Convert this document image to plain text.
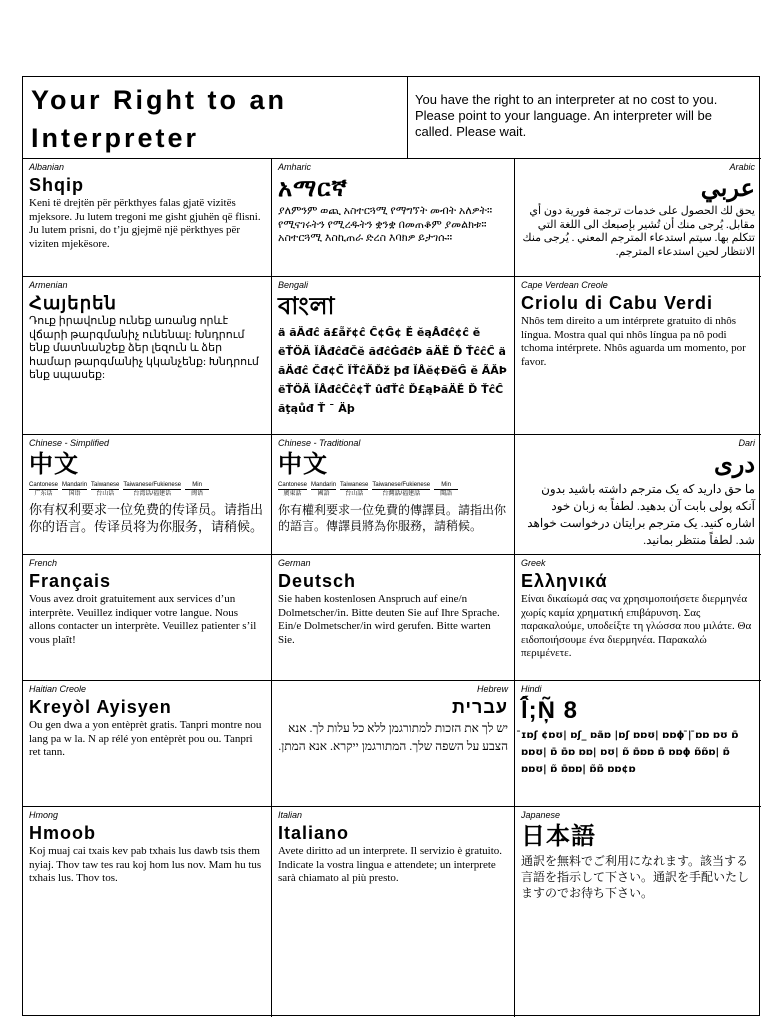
Your Right to an Interpreter
You have the right to an interpreter at no cost to you. Please point to your language. An interpreter will be called. Please wait.
Albanian
Shqip
Keni të drejtën për përkthyes falas gjatë vizitës mjeksore. Ju lutem tregoni me gisht gjuhën që flisni. Ju lutem prisni, do t’ju gjejmë një përkthyes për viziten mjekësore.
Amharic
አማርኛ
ያለምንም ወጪ አስተርጓሚ የማግኘት መብት አለዎት። የሚናገሩትን የሚረዱትን ቋንቋ በመጠቆም ያመልክቱ። አስተርጓሚ እስኪጠራ ድረስ እባክዎ ይታገሱ።
Arabic
عربي
يحق لك الحصول على خدمات ترجمة فورية دون أي مقابل. يُرجى منك أن تُشير بإصبعك الى اللغة التي تتكلم بها. سيتم استدعاء المترجم المعني . يُرجى منك الانتظار لحين استدعاء المترجم.
Armenian
Հայերեն
Դուք իրավունք ունեք առանց որևէ վճարի թարգմանիչ ունենալ: Խնդրում ենք մատնանշեք ձեր լեզուն և ձեր համար թարգմանիչ կկանչենք: Խնդրում ենք սպասեք:
Bengali
বাংলা
ä ăÄđĉ ă£ẵř¢ĉ Ĉ¢Ĝ¢ Ĕ ĕąÅđĉ¢ĉ ĕ ëŤÖÄ ĬÅđĉđČĕ ăđĉĠđĉÞ ăÄĔ Ď ŤĉĉĈ ä ăÄđĉ Čđ¢Č ĬŤĉĂĎž þđ ĬÅĕ¢ĐĕĜ ĕ ÃĂÞ ëŤÖÄ ĬÅđĉĈĉ¢Ť ûđŤĉ Ď£ąÞăÄĔ Ď ŤĉĈ ăţąůđ Ť ˉ Äþ
Cape Verdean Creole
Criolu di Cabu Verdi
Nhôs tem direito a um intérprete gratuito di nhôs língua. Mostra qual qui nhôs língua pa nô podi tchoma intérprete. Nhôs aguarda um momento, por favor.
Chinese - Simplified
中文
Cantonese
广东话
Mandarin
国语
Taiwanese
台山话
Taiwanese/Fukienese
台湾话/福建话
Min
闽语
你有权利要求一位免费的传译员。请指出你的语言。传译员将为你服务，请稍候。
Chinese - Traditional
中文
Cantonese
廣東話
Mandarin
國語
Taiwanese
台山話
Taiwanese/Fukienese
台灣話/福建話
Min
閩語
你有權利要求一位免費的傳譯員。請指出你的語言。傳譯員將為你服務，請稍候。
Dari
دری
ما حق دارید که یک مترجم داشته باشید بدون آنکه پولی بابت آن بدهید. لطفاً به زبان خود اشاره کنید. یک مترجم برایتان درخواست خواهد شد. لطفاً منتظر بمانید.
French
Français
Vous avez droit gratuitement aux services d’un interprète. Veuillez indiquer votre langue. Nous allons contacter un interprète. Veuillez patienter s’il vous plaît!
German
Deutsch
Sie haben kostenlosen Anspruch auf eine/n Dolmetscher/in. Bitte deuten Sie auf Ihre Sprache. Ein/e Dolmetscher/in wird gerufen. Bitte warten Sie.
Greek
Ελληνικά
Είναι δικαίωμά σας να χρησιμοποιήσετε διερμηνέα χωρίς καμία χρηματική επιβάρυνση. Σας παρακαλούμε, υποδείξτε τη γλώσσα που μιλάτε. Θα ειδοποιήσουμε ένα διερμηνέα. Παρακαλώ περιμένετε.
Haitian Creole
Kreyòl Ayisyen
Ou gen dwa a yon entèprèt gratis. Tanpri montre nou lang pa w la. N ap rélé yon entèprèt pou ou. Tanpri ret tann.
Hebrew
עברית
יש לך את הזכות למתורגמן ללא כל עלות לך. אנא הצבע על השפה שלך. המתורגמן ייקרא. אנא המתן.
Hindi
ĺ̂;Ņ̃ 8
̄ɪɒʃ ¢ɒʊ| ɒʃ_ ɒãɒ |ɒʃ ɒɒʊ| ɒɒɸ ̄| ̄ɒɒ ɒʊ ɒ̄ ɒɒʊ| ɒ̄ ɒ̄ɒ ɒɒ| ɒʊ| ɒ̃ ɒ̄ɒɒ ɒ̄ ɒɒɸ ɒ̃ɒ̃ɒ| ɒ̃ ɒɒʊ| ɒ̃ ɒ̄ɒɒ| ɒ̃ɒ̃ ɒɒ¢ɒ
Hmong
Hmoob
Koj muaj cai txais kev pab txhais lus dawb tsis them nyiaj. Thov taw tes rau koj hom lus nov. Mam hu tus txhais lus. Thov tos.
Italian
Italiano
Avete diritto ad un interprete. Il servizio è gratuito. Indicate la vostra lingua e attendete; un interprete sarà chiamato al più presto.
Japanese
日本語
通訳を無料でご利用になれます。該当する言語を指示して下さい。通訳を手配いたしますのでお待ち下さい。
